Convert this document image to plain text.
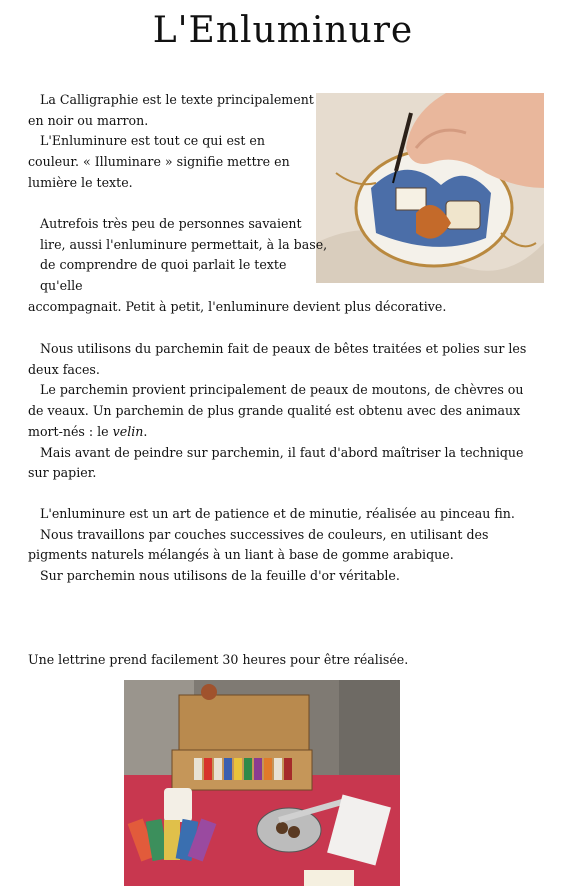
L'Enluminure

La Calligraphie est le texte principalement en noir ou marron.
L'Enluminure est tout ce qui est en couleur. « Illuminare » signifie mettre en lumière le texte.

Autrefois très peu de personnes savaient lire, aussi l'enluminure permettait, à la base, de comprendre de quoi parlait le texte qu'elle
accompagnait. Petit à petit, l'enluminure devient plus décorative.

Nous utilisons du parchemin fait de peaux de bêtes traitées et polies sur les deux faces.
Le parchemin provient principalement de peaux de moutons, de chèvres ou de veaux. Un parchemin de plus grande qualité est obtenu avec des animaux mort-nés : le velin.
Mais avant de peindre sur parchemin, il faut d'abord maîtriser la technique sur papier.

L'enluminure est un art de patience et de minutie, réalisée au pinceau fin.
Nous travaillons par couches successives de couleurs, en utilisant des pigments naturels mélangés à un liant à base de gomme arabique.
Sur parchemin nous utilisons de la feuille d'or véritable.

Une lettrine prend facilement 30 heures pour être réalisée.
